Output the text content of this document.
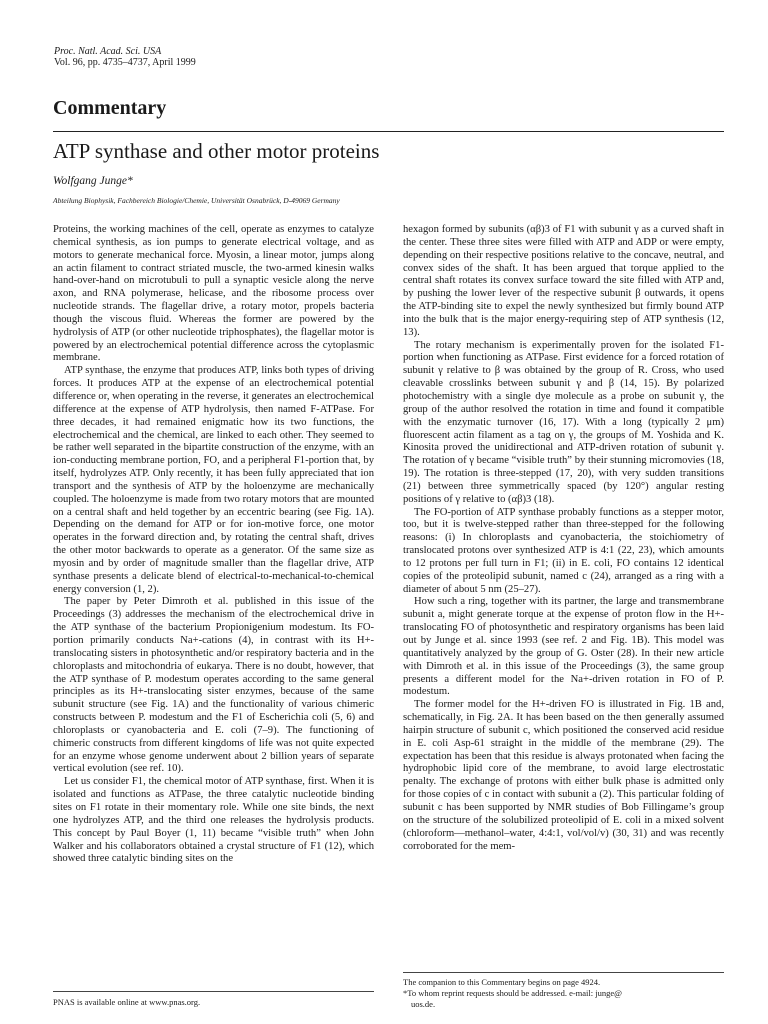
Proc. Natl. Acad. Sci. USA
Vol. 96, pp. 4735–4737, April 1999
Commentary
ATP synthase and other motor proteins
Wolfgang Junge*
Abteilung Biophysik, Fachbereich Biologie/Chemie, Universität Osnabrück, D-49069 Germany

Proteins, the working machines of the cell, operate as enzymes to catalyze chemical synthesis, as ion pumps to generate electrical voltage, and as motors to generate mechanical force. Myosin, a linear motor, jumps along an actin filament to contract striated muscle, the two-armed kinesin walks hand-over-hand on microtubuli to pull a synaptic vesicle along the nerve axon, and RNA polymerase, helicase, and the ribosome process over nucleotide strands. The flagellar drive, a rotary motor, propels bacteria though the viscous fluid. Whereas the former are powered by the hydrolysis of ATP (or other nucleotide triphosphates), the flagellar motor is powered by an electrochemical potential difference across the cytoplasmic membrane.

ATP synthase, the enzyme that produces ATP, links both types of driving forces. It produces ATP at the expense of an electrochemical potential difference or, when operating in the reverse, it generates an electrochemical difference at the expense of ATP hydrolysis, then named F-ATPase. For three decades, it had remained enigmatic how its two functions, the electrochemical and the chemical, are linked to each other. They seemed to be rather well separated in the bipartite construction of the enzyme, with an ion-conducting membrane portion, FO, and a peripheral F1-portion that, by itself, hydrolyzes ATP. Only recently, it has been fully appreciated that ion transport and the synthesis of ATP by the holoenzyme are mechanically coupled. The holoenzyme is made from two rotary motors that are mounted on a central shaft and held together by an eccentric bearing (see Fig. 1A). Depending on the demand for ATP or for ion-motive force, one motor operates in the forward direction and, by rotating the central shaft, drives the other motor backwards to operate as a generator. Of the same size as myosin and by order of magnitude smaller than the flagellar drive, ATP synthase presents a delicate blend of electrical-to-mechanical-to-chemical energy conversion (1, 2).

The paper by Peter Dimroth et al. published in this issue of the Proceedings (3) addresses the mechanism of the electrochemical drive in the ATP synthase of the bacterium Propionigenium modestum. Its FO-portion primarily conducts Na+-cations (4), in contrast with its H+-translocating sisters in photosynthetic and/or respiratory bacteria and in the chloroplasts and mitochondria of eukarya. There is no doubt, however, that the ATP synthase of P. modestum operates according to the same general principles as its H+-translocating sister enzymes, because of the same subunit structure (see Fig. 1A) and the functionality of various chimeric constructs between P. modestum and the F1 of Escherichia coli (5, 6) and chloroplasts or cyanobacteria and E. coli (7–9). The functioning of chimeric constructs from different kingdoms of life was not quite expected for an enzyme whose genome underwent about 2 billion years of separate vertical evolution (see ref. 10).

Let us consider F1, the chemical motor of ATP synthase, first. When it is isolated and functions as ATPase, the three catalytic nucleotide binding sites on F1 rotate in their momentary role. While one site binds, the next one hydrolyzes ATP, and the third one releases the hydrolysis products. This concept by Paul Boyer (1, 11) became “visible truth” when John Walker and his collaborators obtained a crystal structure of F1 (12), which showed three catalytic binding sites on the

hexagon formed by subunits (αβ)3 of F1 with subunit γ as a curved shaft in the center. These three sites were filled with ATP and ADP or were empty, depending on their respective positions relative to the concave, neutral, and convex sides of the shaft. It has been argued that torque applied to the central shaft rotates its convex surface toward the site filled with ATP and, by pushing the lower lever of the respective subunit β outwards, it opens the ATP-binding site to expel the newly synthesized but firmly bound ATP into the bulk that is the major energy-requiring step of ATP synthesis (12, 13).

The rotary mechanism is experimentally proven for the isolated F1-portion when functioning as ATPase. First evidence for a forced rotation of subunit γ relative to β was obtained by the group of R. Cross, who used cleavable crosslinks between subunit γ and β (14, 15). By polarized photochemistry with a single dye molecule as a probe on subunit γ, the group of the author resolved the rotation in time and found it compatible with the enzymatic turnover (16, 17). With a long (typically 2 μm) fluorescent actin filament as a tag on γ, the groups of M. Yoshida and K. Kinosita proved the unidirectional and ATP-driven rotation of subunit γ. The rotation of γ became “visible truth” by their stunning micromovies (18, 19). The rotation is three-stepped (17, 20), with very sudden transitions (21) between three symmetrically spaced (by 120°) angular resting positions of γ relative to (αβ)3 (18).

The FO-portion of ATP synthase probably functions as a stepper motor, too, but it is twelve-stepped rather than three-stepped for the following reasons: (i) In chloroplasts and cyanobacteria, the stoichiometry of translocated protons over synthesized ATP is 4:1 (22, 23), which amounts to 12 protons per full turn in F1; (ii) in E. coli, FO contains 12 identical copies of the proteolipid subunit, named c (24), arranged as a ring with a diameter of about 5 nm (25–27).

How such a ring, together with its partner, the large and transmembrane subunit a, might generate torque at the expense of proton flow in the H+-translocating FO of photosynthetic and respiratory organisms has been laid out by Junge et al. since 1993 (see ref. 2 and Fig. 1B). This model was quantitatively analyzed by the group of G. Oster (28). In their new article with Dimroth et al. in this issue of the Proceedings (3), the same group presents a different model for the Na+-driven rotation in FO of P. modestum.

The former model for the H+-driven FO is illustrated in Fig. 1B and, schematically, in Fig. 2A. It has been based on the then generally assumed hairpin structure of subunit c, which positioned the conserved acid residue in E. coli Asp-61 straight in the middle of the membrane (29). The expectation has been that this residue is always protonated when facing the hydrophobic lipid core of the membrane, to avoid large electrostatic penalty. The exchange of protons with either bulk phase is admitted only for those copies of c in contact with subunit a (2). This particular folding of subunit c has been supported by NMR studies of Bob Fillingame’s group on the structure of the solubilized proteolipid of E. coli in a mixed solvent (chloroform—methanol–water, 4:4:1, vol/vol/v) (30, 31) and was recently corroborated for the mem-

PNAS is available online at www.pnas.org.

The companion to this Commentary begins on page 4924.

*To whom reprint requests should be addressed. e-mail: junge@

uos.de.
